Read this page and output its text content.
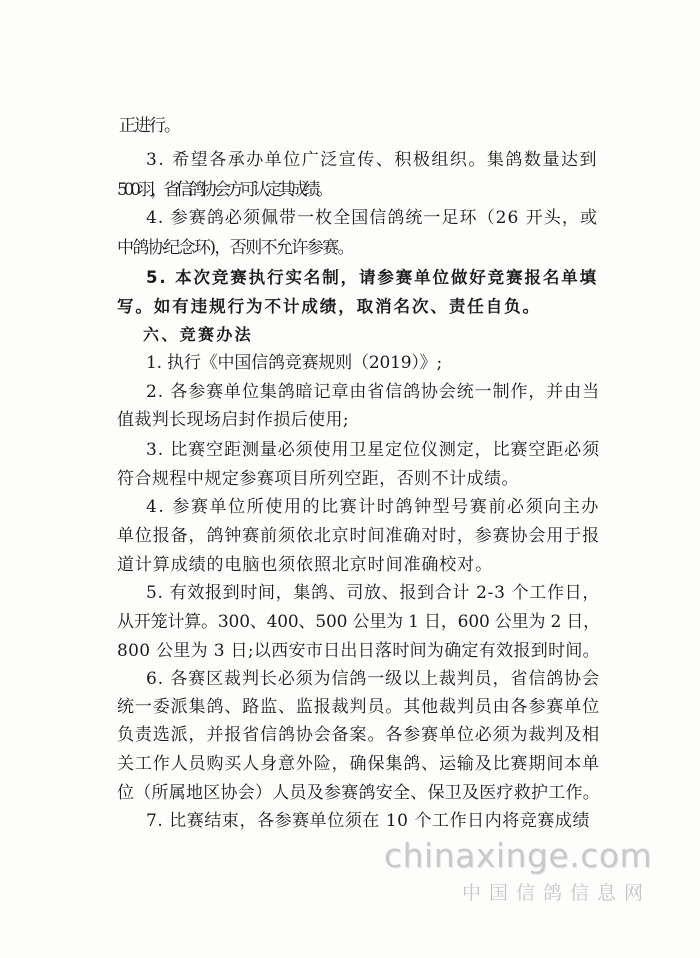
正进行。
3. 希望各承办单位广泛宣传、积极组织。集鸽数量达到
500 羽，省信鸽协会方可认定其成绩。
4. 参赛鸽必须佩带一枚全国信鸽统一足环（26 开头，或
中鸽协纪念环)，否则不允许参赛。
5. 本次竞赛执行实名制，请参赛单位做好竞赛报名单填
写。如有违规行为不计成绩，取消名次、责任自负。
六、竞赛办法
1. 执行《中国信鸽竞赛规则（2019）》;
2. 各参赛单位集鸽暗记章由省信鸽协会统一制作，并由当
值裁判长现场启封作损后使用;
3. 比赛空距测量必须使用卫星定位仪测定，比赛空距必须
符合规程中规定参赛项目所列空距，否则不计成绩。
4. 参赛单位所使用的比赛计时鸽钟型号赛前必须向主办
单位报备，鸽钟赛前须依北京时间准确对时，参赛协会用于报
道计算成绩的电脑也须依照北京时间准确校对。
5. 有效报到时间，集鸽、司放、报到合计 2-3 个工作日，
从开笼计算。300、400、500 公里为 1 日，600 公里为 2 日，
800 公里为 3 日;以西安市日出日落时间为确定有效报到时间。
6. 各赛区裁判长必须为信鸽一级以上裁判员，省信鸽协会
统一委派集鸽、路监、监报裁判员。其他裁判员由各参赛单位
负责选派，并报省信鸽协会备案。各参赛单位必须为裁判及相
关工作人员购买人身意外险，确保集鸽、运输及比赛期间本单
位（所属地区协会）人员及参赛鸽安全、保卫及医疗救护工作。
7. 比赛结束，各参赛单位须在 10 个工作日内将竞赛成绩
chinaxinge.com
中国信鸽信息网
